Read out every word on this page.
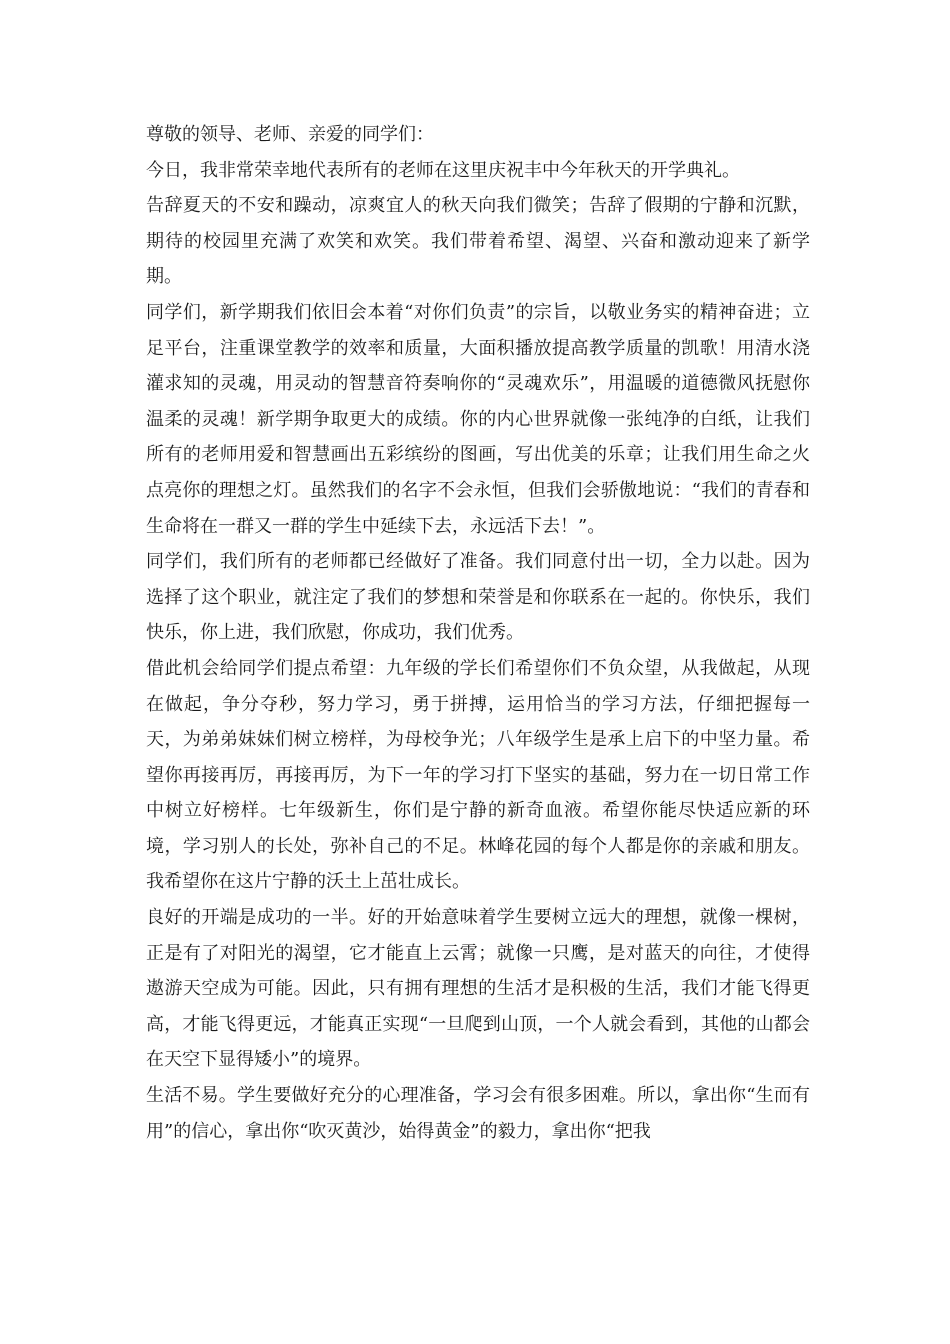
尊敬的领导、老师、亲爱的同学们：

今日，我非常荣幸地代表所有的老师在这里庆祝丰中今年秋天的开学典礼。

告辞夏天的不安和躁动，凉爽宜人的秋天向我们微笑；告辞了假期的宁静和沉默，期待的校园里充满了欢笑和欢笑。我们带着希望、渴望、兴奋和激动迎来了新学期。

同学们，新学期我们依旧会本着“对你们负责”的宗旨，以敬业务实的精神奋进；立足平台，注重课堂教学的效率和质量，大面积播放提高教学质量的凯歌！用清水浇灌求知的灵魂，用灵动的智慧音符奏响你的“灵魂欢乐”，用温暖的道德微风抚慰你温柔的灵魂！新学期争取更大的成绩。你的内心世界就像一张纯净的白纸，让我们所有的老师用爱和智慧画出五彩缤纷的图画，写出优美的乐章；让我们用生命之火点亮你的理想之灯。虽然我们的名字不会永恒，但我们会骄傲地说：“我们的青春和生命将在一群又一群的学生中延续下去，永远活下去！”。

同学们，我们所有的老师都已经做好了准备。我们同意付出一切，全力以赴。因为选择了这个职业，就注定了我们的梦想和荣誉是和你联系在一起的。你快乐，我们快乐，你上进，我们欣慰，你成功，我们优秀。

借此机会给同学们提点希望：九年级的学长们希望你们不负众望，从我做起，从现在做起，争分夺秒，努力学习，勇于拼搏，运用恰当的学习方法，仔细把握每一天，为弟弟妹妹们树立榜样，为母校争光；八年级学生是承上启下的中坚力量。希望你再接再厉，再接再厉，为下一年的学习打下坚实的基础，努力在一切日常工作中树立好榜样。七年级新生，你们是宁静的新奇血液。希望你能尽快适应新的环境，学习别人的长处，弥补自己的不足。林峰花园的每个人都是你的亲戚和朋友。我希望你在这片宁静的沃土上茁壮成长。

良好的开端是成功的一半。好的开始意味着学生要树立远大的理想，就像一棵树，正是有了对阳光的渴望，它才能直上云霄；就像一只鹰，是对蓝天的向往，才使得遨游天空成为可能。因此，只有拥有理想的生活才是积极的生活，我们才能飞得更高，才能飞得更远，才能真正实现“一旦爬到山顶，一个人就会看到，其他的山都会在天空下显得矮小”的境界。

生活不易。学生要做好充分的心理准备，学习会有很多困难。所以，拿出你“生而有用”的信心，拿出你“吹灭黄沙，始得黄金”的毅力，拿出你“把我
